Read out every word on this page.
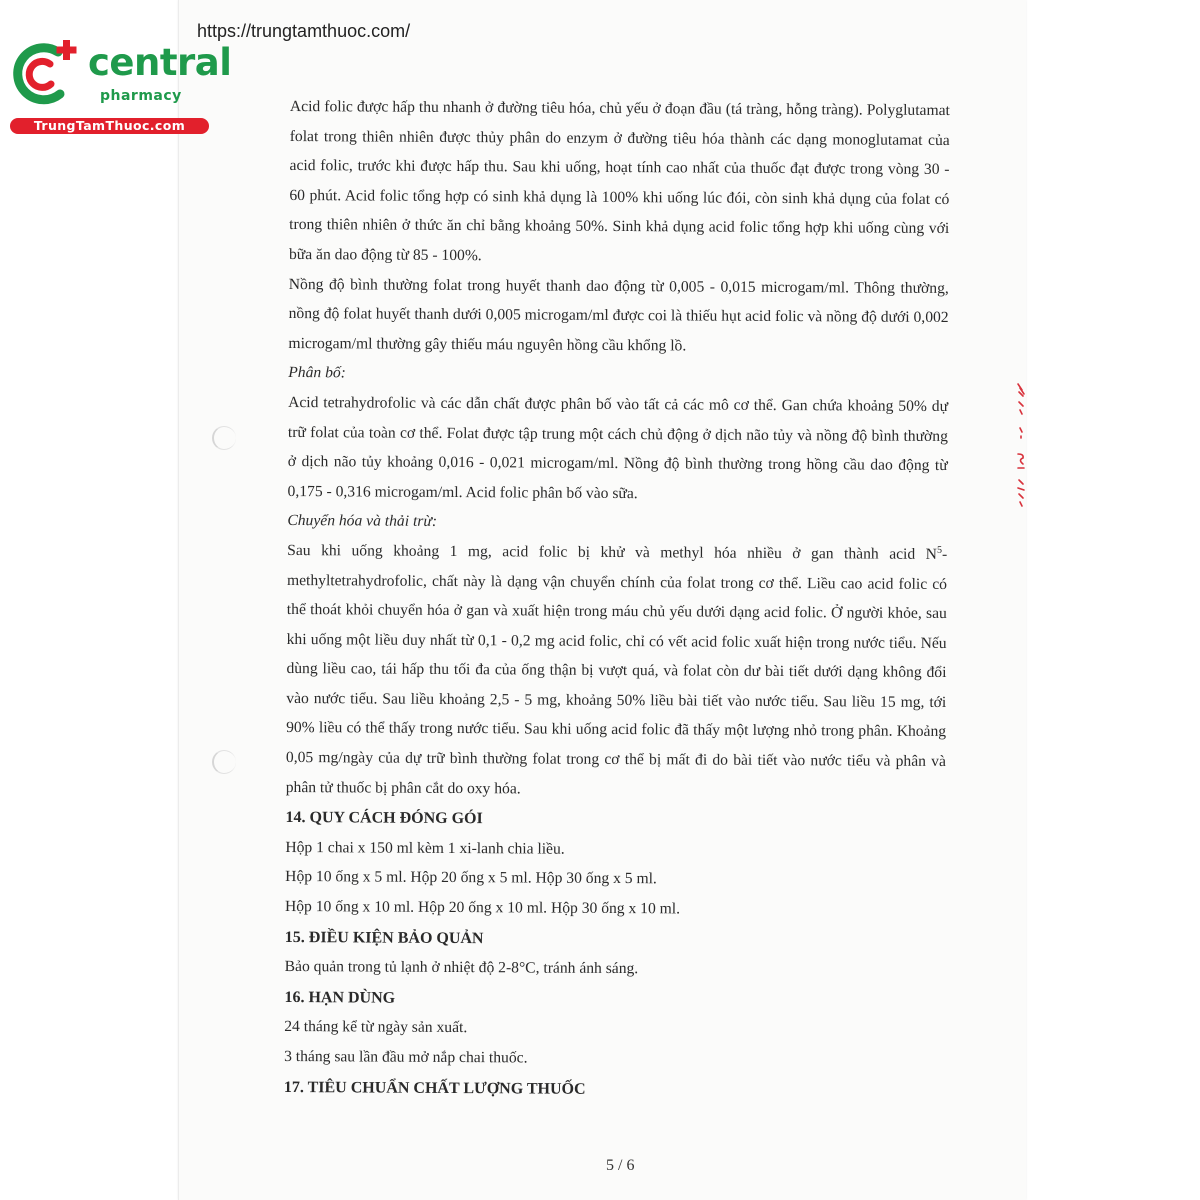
https://trungtamthuoc.com/
central
pharmacy
TrungTamThuoc.com

Acid folic được hấp thu nhanh ở đường tiêu hóa, chủ yếu ở đoạn đầu (tá tràng, hỗng tràng). Polyglutamat folat trong thiên nhiên được thủy phân do enzym ở đường tiêu hóa thành các dạng monoglutamat của acid folic, trước khi được hấp thu. Sau khi uống, hoạt tính cao nhất của thuốc đạt được trong vòng 30 - 60 phút. Acid folic tổng hợp có sinh khả dụng là 100% khi uống lúc đói, còn sinh khả dụng của folat có trong thiên nhiên ở thức ăn chỉ bằng khoảng 50%. Sinh khả dụng acid folic tổng hợp khi uống cùng với bữa ăn dao động từ 85 - 100%.

Nồng độ bình thường folat trong huyết thanh dao động từ 0,005 - 0,015 microgam/ml. Thông thường, nồng độ folat huyết thanh dưới 0,005 microgam/ml được coi là thiếu hụt acid folic và nồng độ dưới 0,002 microgam/ml thường gây thiếu máu nguyên hồng cầu khổng lồ.

Phân bố:

Acid tetrahydrofolic và các dẫn chất được phân bố vào tất cả các mô cơ thể. Gan chứa khoảng 50% dự trữ folat của toàn cơ thể. Folat được tập trung một cách chủ động ở dịch não tủy và nồng độ bình thường ở dịch não tủy khoảng 0,016 - 0,021 microgam/ml. Nồng độ bình thường trong hồng cầu dao động từ 0,175 - 0,316 microgam/ml. Acid folic phân bố vào sữa.

Chuyển hóa và thải trừ:

Sau khi uống khoảng 1 mg, acid folic bị khử và methyl hóa nhiều ở gan thành acid $N^5$-methyltetrahydrofolic, chất này là dạng vận chuyển chính của folat trong cơ thể. Liều cao acid folic có thể thoát khỏi chuyển hóa ở gan và xuất hiện trong máu chủ yếu dưới dạng acid folic. Ở người khỏe, sau khi uống một liều duy nhất từ 0,1 - 0,2 mg acid folic, chỉ có vết acid folic xuất hiện trong nước tiểu. Nếu dùng liều cao, tái hấp thu tối đa của ống thận bị vượt quá, và folat còn dư bài tiết dưới dạng không đổi vào nước tiểu. Sau liều khoảng 2,5 - 5 mg, khoảng 50% liều bài tiết vào nước tiểu. Sau liều 15 mg, tới 90% liều có thể thấy trong nước tiểu. Sau khi uống acid folic đã thấy một lượng nhỏ trong phân. Khoảng 0,05 mg/ngày của dự trữ bình thường folat trong cơ thể bị mất đi do bài tiết vào nước tiểu và phân và phân tử thuốc bị phân cắt do oxy hóa.

14. QUY CÁCH ĐÓNG GÓI

Hộp 1 chai x 150 ml kèm 1 xi-lanh chia liều.

Hộp 10 ống x 5 ml. Hộp 20 ống x 5 ml. Hộp 30 ống x 5 ml.

Hộp 10 ống x 10 ml. Hộp 20 ống x 10 ml. Hộp 30 ống x 10 ml.

15. ĐIỀU KIỆN BẢO QUẢN

Bảo quản trong tủ lạnh ở nhiệt độ 2-8°C, tránh ánh sáng.

16. HẠN DÙNG

24 tháng kể từ ngày sản xuất.

3 tháng sau lần đầu mở nắp chai thuốc.

17. TIÊU CHUẨN CHẤT LƯỢNG THUỐC

5 / 6
